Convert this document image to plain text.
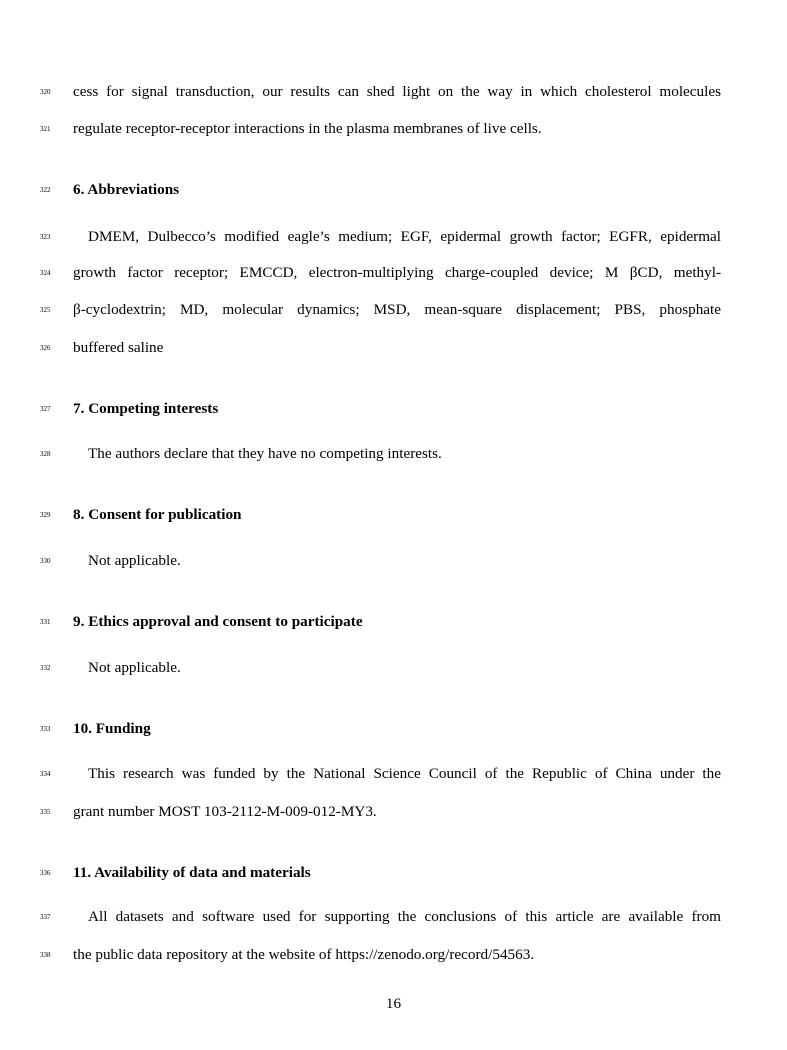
320	cess for signal transduction, our results can shed light on the way in which cholesterol molecules
321	regulate receptor-receptor interactions in the plasma membranes of live cells.
322	6. Abbreviations
323	DMEM, Dulbecco’s modified eagle’s medium; EGF, epidermal growth factor; EGFR, epidermal
324	growth factor receptor; EMCCD, electron-multiplying charge-coupled device; M βCD, methyl-
325	β-cyclodextrin; MD, molecular dynamics; MSD, mean-square displacement; PBS, phosphate
326	buffered saline
327	7. Competing interests
328	The authors declare that they have no competing interests.
329	8. Consent for publication
330	Not applicable.
331	9. Ethics approval and consent to participate
332	Not applicable.
333	10. Funding
334	This research was funded by the National Science Council of the Republic of China under the
335	grant number MOST 103-2112-M-009-012-MY3.
336	11. Availability of data and materials
337	All datasets and software used for supporting the conclusions of this article are available from
338	the public data repository at the website of https://zenodo.org/record/54563.
16
